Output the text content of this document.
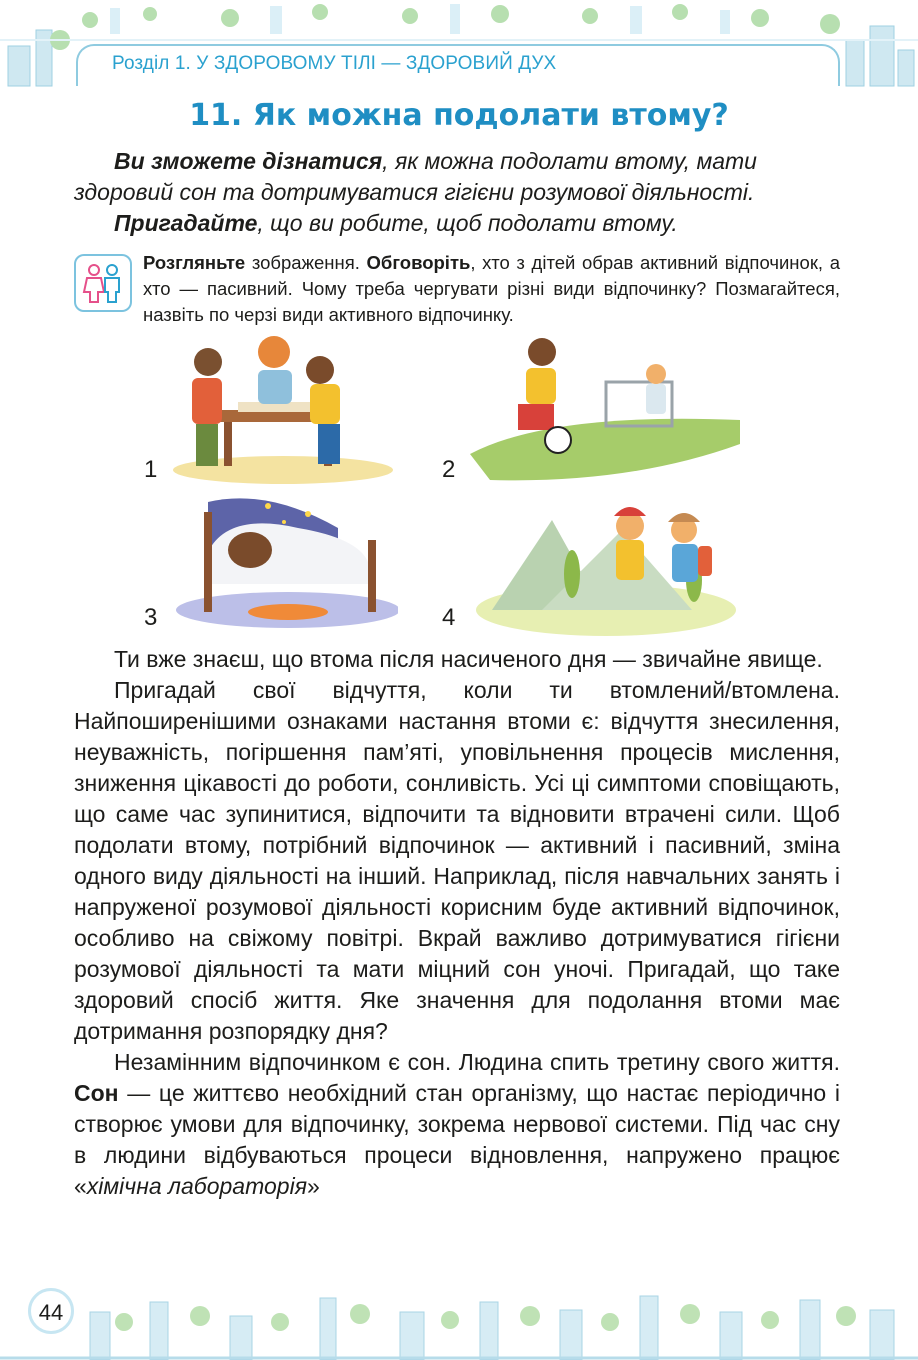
Розділ 1. У ЗДОРОВОМУ ТІЛІ — ЗДОРОВИЙ ДУХ
11. Як можна подолати втому?
Ви зможете дізнатися, як можна подолати втому, мати здоровий сон та дотримуватися гігієни розумової діяльності.
Пригадайте, що ви робите, щоб подолати втому.
Розгляньте зображення. Обговоріть, хто з дітей обрав активний відпочинок, а хто — пасивний. Чому треба чергувати різні види відпочинку? Позмагайтеся, назвіть по черзі види активного відпочинку.
1	2
3	4

Ти вже знаєш, що втома після насиченого дня — звичайне явище.

Пригадай свої відчуття, коли ти втомлений/втомлена. Найпоширенішими ознаками настання втоми є: відчуття знесилення, неуважність, погіршення пам’яті, уповільнення процесів мислення, зниження цікавості до роботи, сонливість. Усі ці симптоми сповіщають, що саме час зупинитися, відпочити та відновити втрачені сили. Щоб подолати втому, потрібний відпочинок — активний і пасивний, зміна одного виду діяльності на інший. Наприклад, після навчальних занять і напруженої розумової діяльності корисним буде активний відпочинок, особливо на свіжому повітрі. Вкрай важливо дотримуватися гігієни розумової діяльності та мати міцний сон уночі. Пригадай, що таке здоровий спосіб життя. Яке значення для подолання втоми має дотримання розпорядку дня?

Незамінним відпочинком є сон. Людина спить третину свого життя. Сон — це життєво необхідний стан організму, що настає періодично і створює умови для відпочинку, зокрема нервової системи. Під час сну в людини відбуваються процеси відновлення, напружено працює «хімічна лабораторія»

44
